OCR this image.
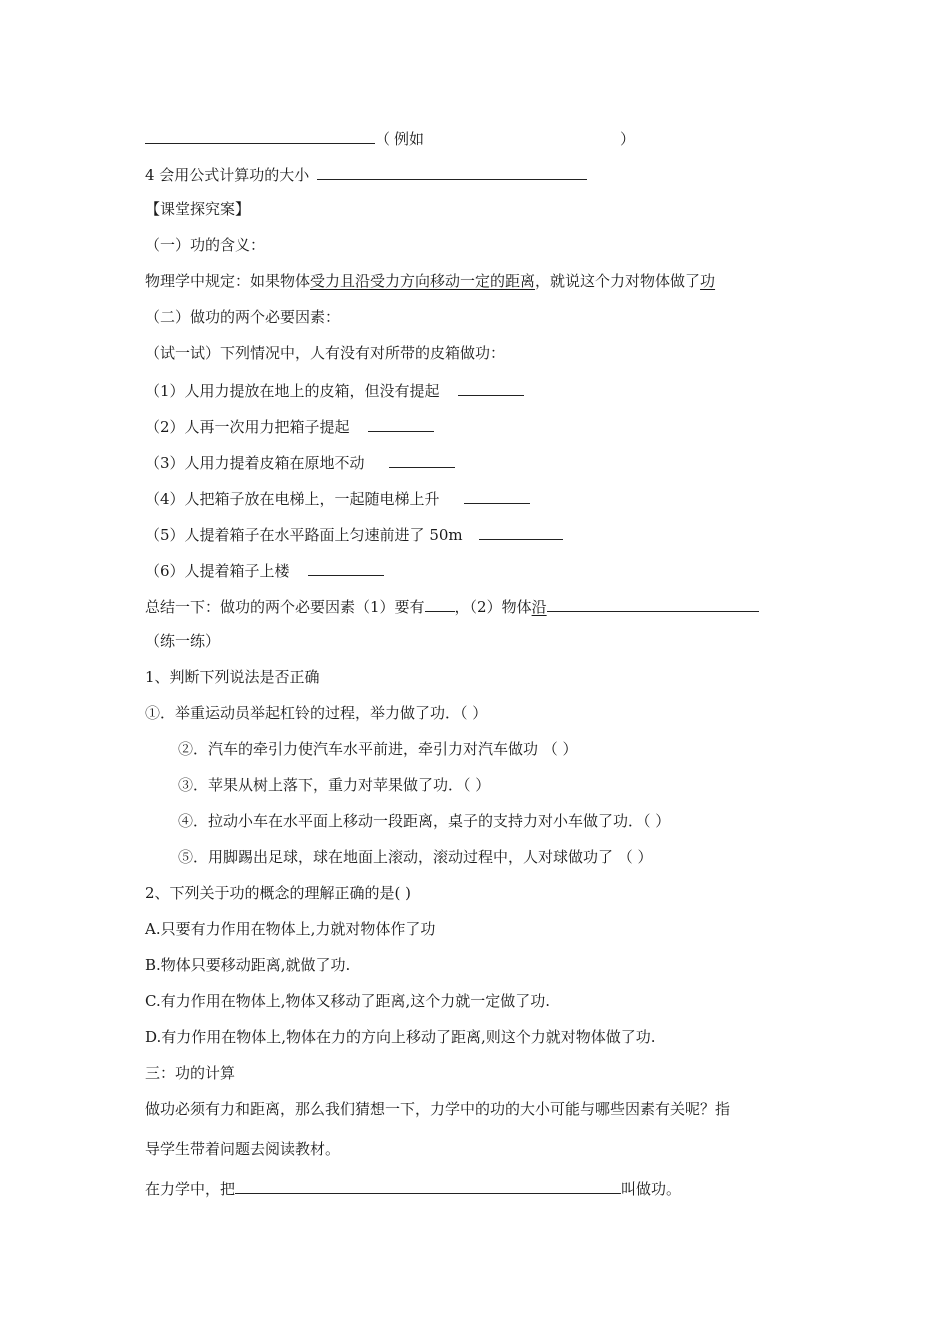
（ 例如	）
4 会用公式计算功的大小
【课堂探究案】
（一）功的含义：
物理学中规定：如果物体受力且沿受力方向移动一定的距离，就说这个力对物体做了功
（二）做功的两个必要因素：
（试一试）下列情况中，人有没有对所带的皮箱做功：
（1）人用力提放在地上的皮箱，但没有提起
（2）人再一次用力把箱子提起
（3）人用力提着皮箱在原地不动
（4）人把箱子放在电梯上，一起随电梯上升
（5）人提着箱子在水平路面上匀速前进了 50m
（6）人提着箱子上楼
总结一下：做功的两个必要因素（1）要有 ，（2）物体沿
（练一练）
1、判断下列说法是否正确
①．举重运动员举起杠铃的过程，举力做了功．（ ）
②．汽车的牵引力使汽车水平前进，牵引力对汽车做功 （ ）
③．苹果从树上落下，重力对苹果做了功．（ ）
④．拉动小车在水平面上移动一段距离，桌子的支持力对小车做了功．（ ）
⑤．用脚踢出足球，球在地面上滚动，滚动过程中，人对球做功了 （ ）
2、下列关于功的概念的理解正确的是( )
A.只要有力作用在物体上,力就对物体作了功
B.物体只要移动距离,就做了功.
C.有力作用在物体上,物体又移动了距离,这个力就一定做了功.
D.有力作用在物体上,物体在力的方向上移动了距离,则这个力就对物体做了功.
三：功的计算
做功必须有力和距离，那么我们猜想一下，力学中的功的大小可能与哪些因素有关呢？指
导学生带着问题去阅读教材。
在力学中，把	叫做功。
